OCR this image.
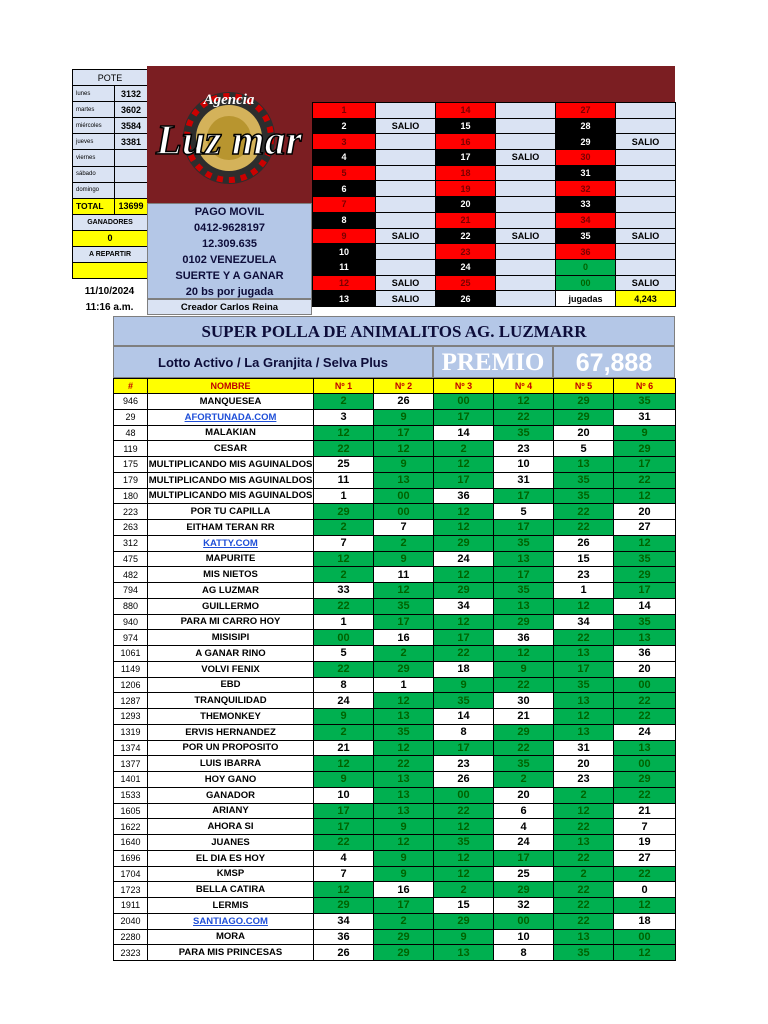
POTE	
lunes	3132
martes	3602
miércoles	3584
jueves	3381
viernes	
sábado	
domingo	
TOTAL	13699
GANADORES	
0	
A REPARTIR	

Agencia
Luz mar
PAGO MOVIL
0412-9628197
12.309.635
0102 VENEZUELA
SUERTE Y A GANAR
20 bs por jugada
11/10/2024
11:16 a.m.	Creador Carlos Reina
1		14		27	
2	SALIO	15		28	
3		16		29	SALIO
4		17	SALIO	30	
5		18		31	
6		19		32	
7		20		33	
8		21		34	
9	SALIO	22	SALIO	35	SALIO
10		23		36	
11		24		0	
12	SALIO	25		00	SALIO
13	SALIO	26		jugadas	4,243
SUPER POLLA DE ANIMALITOS AG. LUZMARR
Lotto Activo / La Granjita / Selva Plus	PREMIO	67,888
#	NOMBRE	Nº 1	Nº 2	Nº 3	Nº 4	Nº 5	Nº 6
946	MANQUESEA	2	26	00	12	29	35
29	AFORTUNADA.COM	3	9	17	22	29	31
48	MALAKIAN	12	17	14	35	20	9
119	CESAR	22	12	2	23	5	29
175	MULTIPLICANDO MIS AGUINALDOS	25	9	12	10	13	17
179	MULTIPLICANDO MIS AGUINALDOS	11	13	17	31	35	22
180	MULTIPLICANDO MIS AGUINALDOS	1	00	36	17	35	12
223	POR TU CAPILLA	29	00	12	5	22	20
263	EITHAM TERAN RR	2	7	12	17	22	27
312	KATTY.COM	7	2	29	35	26	12
475	MAPURITE	12	9	24	13	15	35
482	MIS NIETOS	2	11	12	17	23	29
794	AG LUZMAR	33	12	29	35	1	17
880	GUILLERMO	22	35	34	13	12	14
940	PARA MI CARRO HOY	1	17	12	29	34	35
974	MISISIPI	00	16	17	36	22	13
1061	A GANAR RINO	5	2	22	12	13	36
1149	VOLVI FENIX	22	29	18	9	17	20
1206	EBD	8	1	9	22	35	00
1287	TRANQUILIDAD	24	12	35	30	13	22
1293	THEMONKEY	9	13	14	21	12	22
1319	ERVIS HERNANDEZ	2	35	8	29	13	24
1374	POR UN PROPOSITO	21	12	17	22	31	13
1377	LUIS IBARRA	12	22	23	35	20	00
1401	HOY GANO	9	13	26	2	23	29
1533	GANADOR	10	13	00	20	2	22
1605	ARIANY	17	13	22	6	12	21
1622	AHORA SI	17	9	12	4	22	7
1640	JUANES	22	12	35	24	13	19
1696	EL DIA ES HOY	4	9	12	17	22	27
1704	KMSP	7	9	12	25	2	22
1723	BELLA CATIRA	12	16	2	29	22	0
1911	LERMIS	29	17	15	32	22	12
2040	SANTIAGO.COM	34	2	29	00	22	18
2280	MORA	36	29	9	10	13	00
2323	PARA MIS PRINCESAS	26	29	13	8	35	12
